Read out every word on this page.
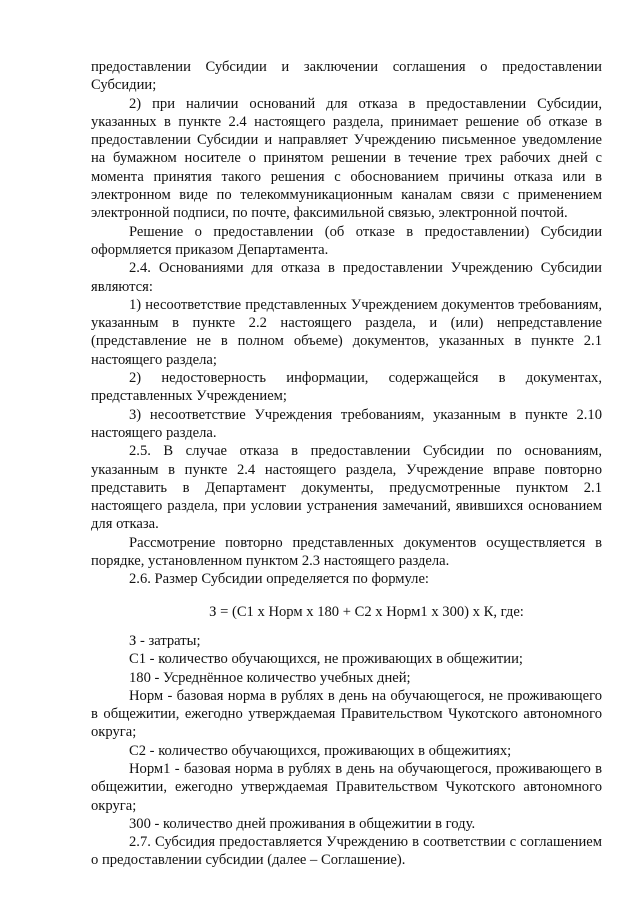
предоставлении Субсидии и заключении соглашения о предоставлении Субсидии;

2) при наличии оснований для отказа в предоставлении Субсидии, указанных в пункте 2.4 настоящего раздела, принимает решение об отказе в предоставлении Субсидии и направляет Учреждению письменное уведомление на бумажном носителе о принятом решении в течение трех рабочих дней с момента принятия такого решения с обоснованием причины отказа или в электронном виде по телекоммуникационным каналам связи с применением электронной подписи, по почте, факсимильной связью, электронной почтой.

Решение о предоставлении (об отказе в предоставлении) Субсидии оформляется приказом Департамента.

2.4. Основаниями для отказа в предоставлении Учреждению Субсидии являются:

1) несоответствие представленных Учреждением документов требованиям, указанным в пункте 2.2 настоящего раздела, и (или) непредставление (представление не в полном объеме) документов, указанных в пункте 2.1 настоящего раздела;

2) недостоверность информации, содержащейся в документах, представленных Учреждением;

3) несоответствие Учреждения требованиям, указанным в пункте 2.10 настоящего раздела.

2.5. В случае отказа в предоставлении Субсидии по основаниям, указанным в пункте 2.4 настоящего раздела, Учреждение вправе повторно представить в Департамент документы, предусмотренные пунктом 2.1 настоящего раздела, при условии устранения замечаний, явившихся основанием для отказа.

Рассмотрение повторно представленных документов осуществляется в порядке, установленном пунктом 2.3 настоящего раздела.

2.6. Размер Субсидии определяется по формуле:

З = (С1 х Норм х 180 + С2 х Норм1 х 300) х К, где:

З - затраты;

С1 - количество обучающихся, не проживающих в общежитии;

180 - Усреднённое количество учебных дней;

Норм - базовая норма в рублях в день на обучающегося, не проживающего в общежитии, ежегодно утверждаемая Правительством Чукотского автономного округа;

С2 - количество обучающихся, проживающих в общежитиях;

Норм1 - базовая норма в рублях в день на обучающегося, проживающего в общежитии, ежегодно утверждаемая Правительством Чукотского автономного округа;

300 - количество дней проживания в общежитии в году.

2.7. Субсидия предоставляется Учреждению в соответствии с соглашением о предоставлении субсидии (далее – Соглашение).
